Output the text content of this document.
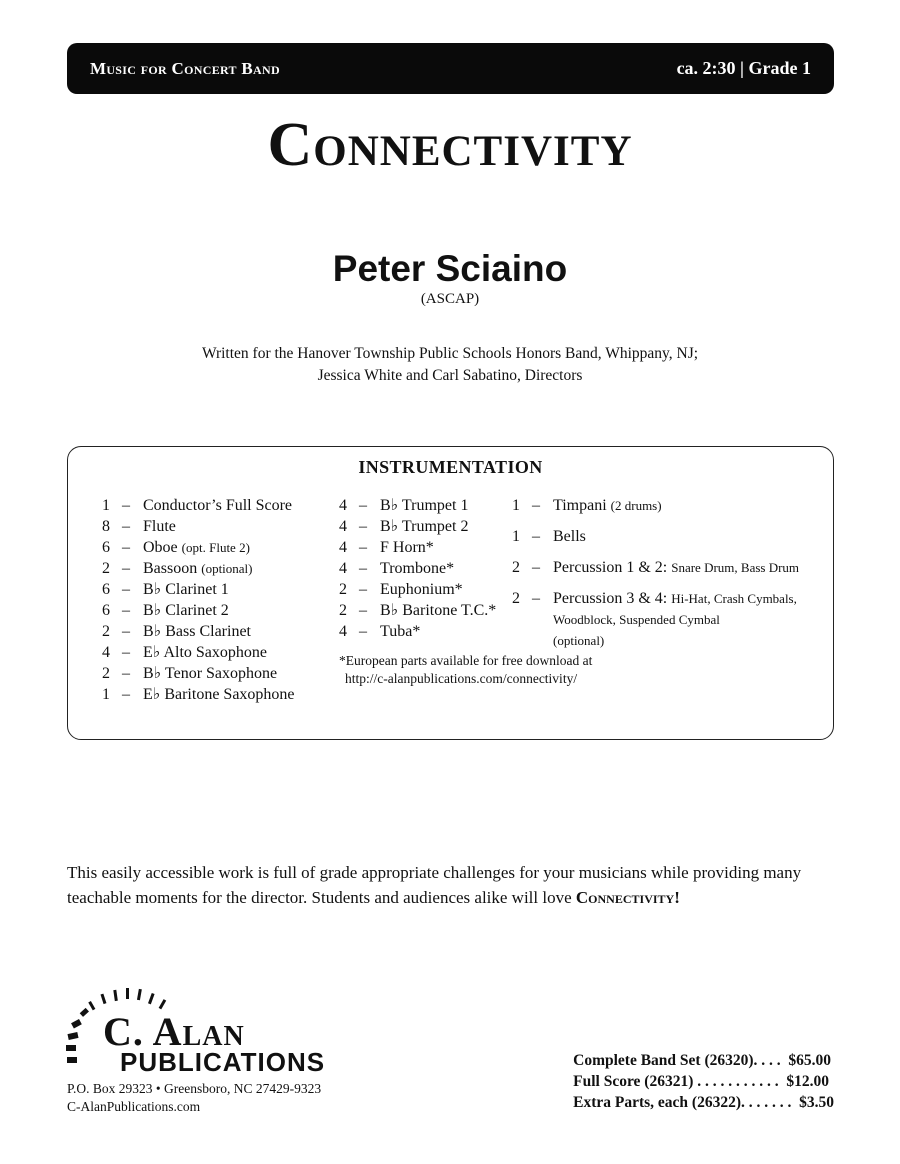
Music for Concert Band	ca. 2:30 | Grade 1
Connectivity
Peter Sciaino
(ASCAP)
Written for the Hanover Township Public Schools Honors Band, Whippany, NJ;
Jessica White and Carl Sabatino, Directors
INSTRUMENTATION
1 – Conductor’s Full Score
8 – Flute
6 – Oboe (opt. Flute 2)
2 – Bassoon (optional)
6 – B♭ Clarinet 1
6 – B♭ Clarinet 2
2 – B♭ Bass Clarinet
4 – E♭ Alto Saxophone
2 – B♭ Tenor Saxophone
1 – E♭ Baritone Saxophone
4 – B♭ Trumpet 1
4 – B♭ Trumpet 2
4 – F Horn*
4 – Trombone*
2 – Euphonium*
2 – B♭ Baritone T.C.*
4 – Tuba*
1 – Timpani (2 drums)
1 – Bells
2 – Percussion 1 & 2: Snare Drum, Bass Drum
2 – Percussion 3 & 4: Hi-Hat, Crash Cymbals, Woodblock, Suspended Cymbal
(optional)
*European parts available for free download at
http://c-alanpublications.com/connectivity/
This easily accessible work is full of grade appropriate challenges for your musicians while providing many teachable moments for the director. Students and audiences alike will love Connectivity!
C. Alan
PUBLICATIONS
P.O. Box 29323 • Greensboro, NC 27429-9323
C-AlanPublications.com
Complete Band Set (26320). . . .  $65.00
Full Score (26321) . . . . . . . . . . .  $12.00
Extra Parts, each (26322). . . . . . .  $3.50
